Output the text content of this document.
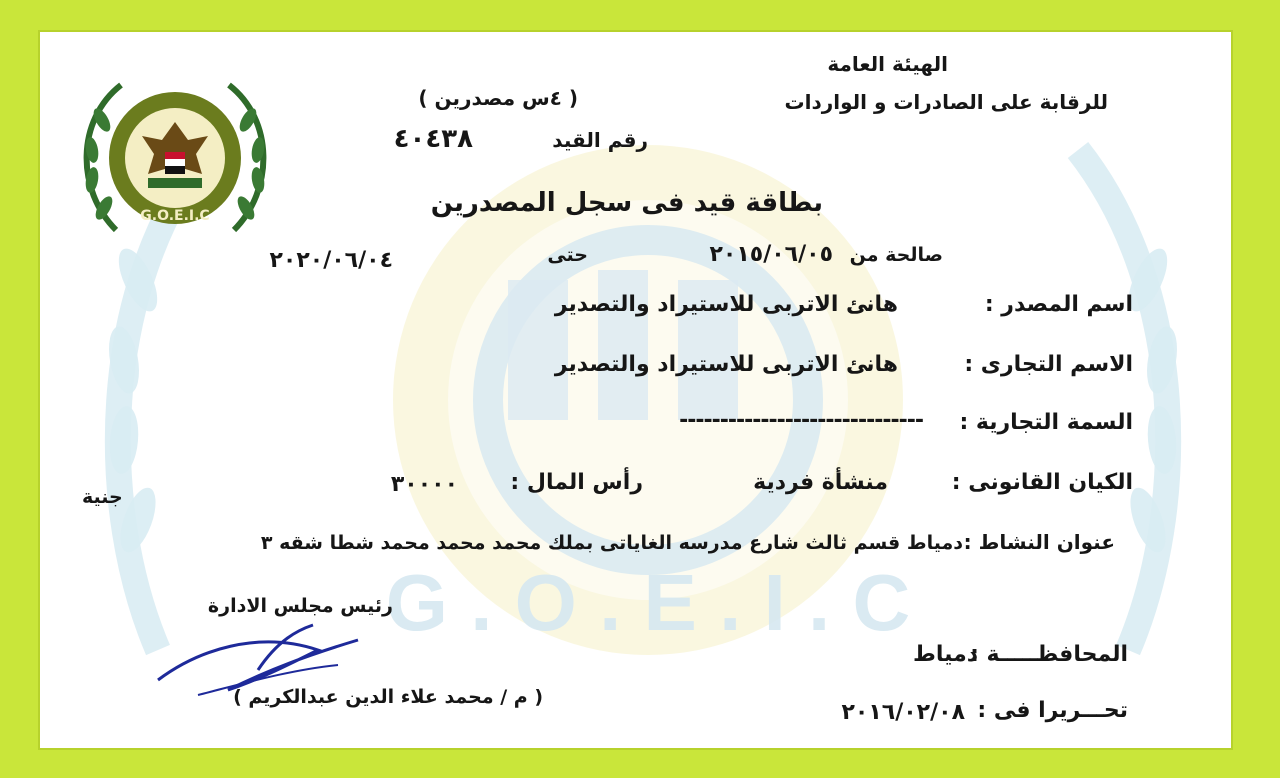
G . O . E . I . C
G.O.E.I.C
الهيئة العامة
للرقابة على الصادرات و الواردات
( ٤س مصدرين )
رقم القيد
٤٠٤٣٨
بطاقة قيد فى سجل المصدرين
صالحة من
٢٠١٥/٠٦/٠٥
حتى
٢٠٢٠/٠٦/٠٤
اسم المصدر :
هانئ الاتربى للاستيراد والتصدير
الاسم التجارى :
هانئ الاتربى للاستيراد والتصدير
السمة التجارية :
------------------------------
الكيان القانونى :
منشأة فردية
رأس المال :
٣٠٠٠٠
جنية
عنوان النشاط :
دمياط قسم ثالث شارع مدرسه الغاياتى بملك محمد محمد محمد شطا شقه ٣
رئيس مجلس الادارة
( م / محمد علاء الدين عبدالكريم )
المحافظـــــة :
دمياط
تحـــريرا فى :
٢٠١٦/٠٢/٠٨
